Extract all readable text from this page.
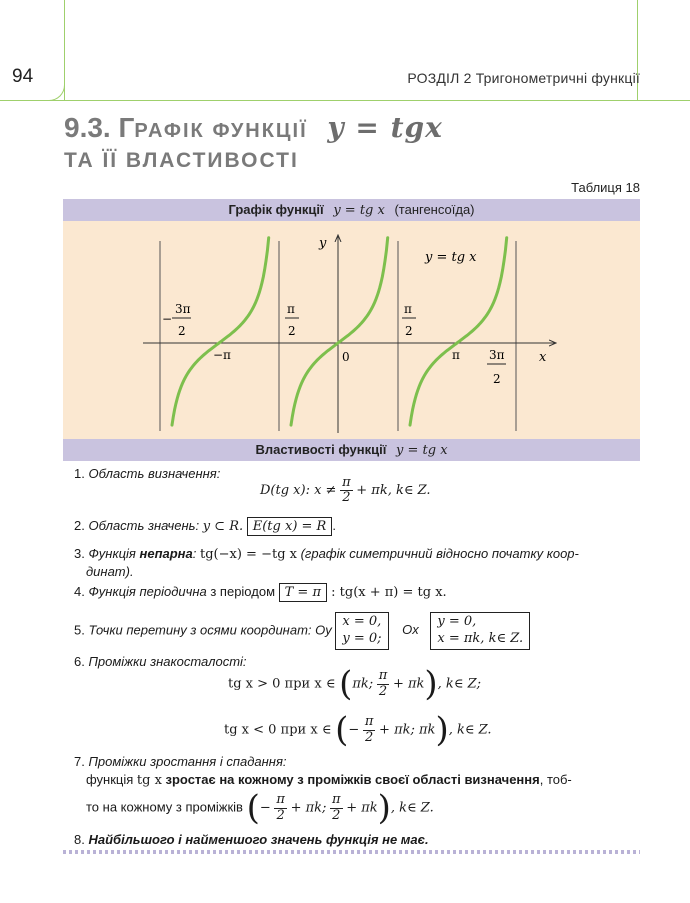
94	РОЗДІЛ 2 Тригонометричні функції
9.3. ГРАФІК ФУНКЦІЇ y = tgx
ТА ЇЇ ВЛАСТИВОСТІ
Таблиця 18
Графік функції y = tg x (тангенсоїда)
y
x
y = tg x
0
−π	π
−
3π
2
π
2
π
2
3π
2
Властивості функції y = tg x
1. Область визначення:
D(tg x): $x \ne \frac{\pi}{2} + \pi k$, k∈ Z.
2. Область значень: y ⊂ R. E(tg x) = R .
3. Функція непарна: tg(−x) = −tg x (графік симетричний відносно початку коор-
динат).
4. Функція періодична з періодом T = π : tg(x + π) = tg x.
5. Точки перетину з осями координат: Oy
x = 0,
y = 0;
Ox
y = 0,
x = πk, k∈ Z.
6. Проміжки знакосталості:
tg x > 0 при x ∈ (πk; $\frac{\pi}{2} + \pi k$), k∈ Z;
tg x < 0 при x ∈ (− $\frac{\pi}{2} + \pi k$; πk), k∈ Z.
7. Проміжки зростання і спадання:
функція tg x зростає на кожному з проміжків своєї області визначення, тоб-
то на кожному з проміжків (− $\frac{\pi}{2} + \pi k$; $\frac{\pi}{2} + \pi k$), k∈ Z.
8. Найбільшого і найменшого значень функція не має.
